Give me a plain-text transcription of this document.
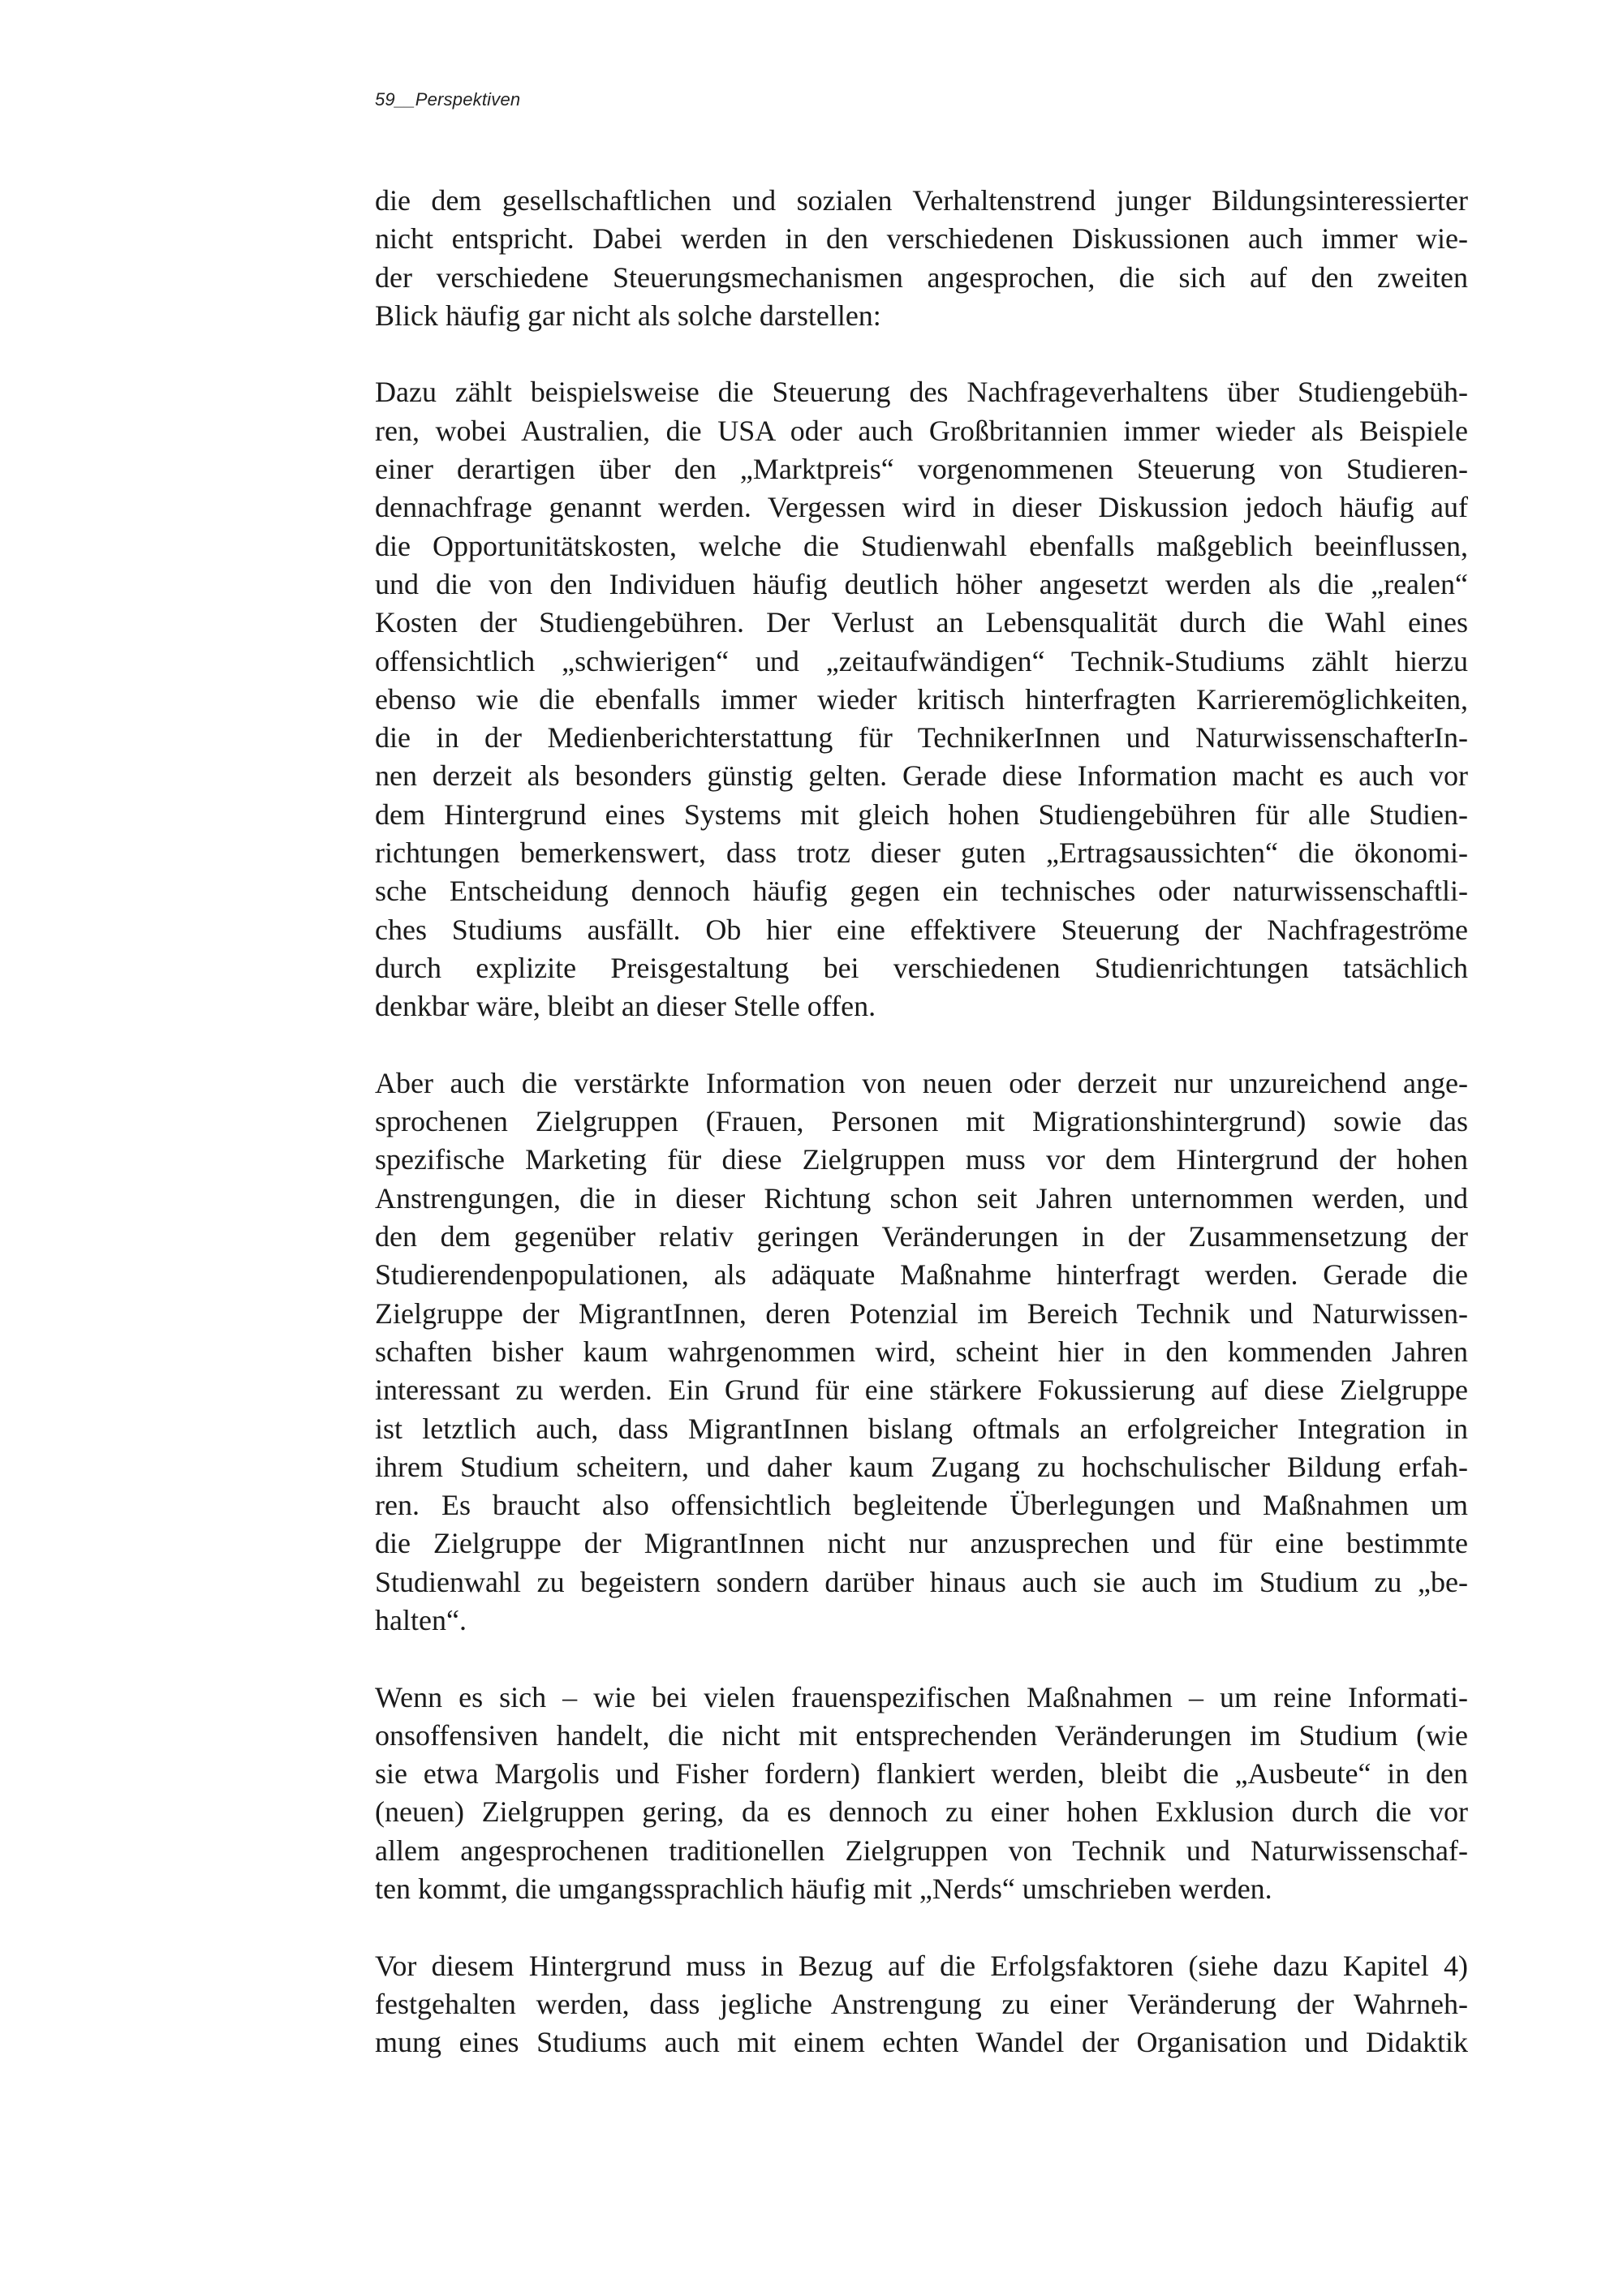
59__Perspektiven
die dem gesellschaftlichen und sozialen Verhaltenstrend junger Bildungsinteressierter
nicht entspricht. Dabei werden in den verschiedenen Diskussionen auch immer wie-
der verschiedene Steuerungsmechanismen angesprochen, die sich auf den zweiten
Blick häufig gar nicht als solche darstellen:
Dazu zählt beispielsweise die Steuerung des Nachfrageverhaltens über Studiengebüh-
ren, wobei Australien, die USA oder auch Großbritannien immer wieder als Beispiele
einer derartigen über den „Marktpreis“ vorgenommenen Steuerung von Studieren-
dennachfrage genannt werden. Vergessen wird in dieser Diskussion jedoch häufig auf
die Opportunitätskosten, welche die Studienwahl ebenfalls maßgeblich beeinflussen,
und die von den Individuen häufig deutlich höher angesetzt werden als die „realen“
Kosten der Studiengebühren. Der Verlust an Lebensqualität durch die Wahl eines
offensichtlich „schwierigen“ und „zeitaufwändigen“ Technik-Studiums zählt hierzu
ebenso wie die ebenfalls immer wieder kritisch hinterfragten Karrieremöglichkeiten,
die in der Medienberichterstattung für TechnikerInnen und NaturwissenschafterIn-
nen derzeit als besonders günstig gelten. Gerade diese Information macht es auch vor
dem Hintergrund eines Systems mit gleich hohen Studiengebühren für alle Studien-
richtungen bemerkenswert, dass trotz dieser guten „Ertragsaussichten“ die ökonomi-
sche Entscheidung dennoch häufig gegen ein technisches oder naturwissenschaftli-
ches Studiums ausfällt. Ob hier eine effektivere Steuerung der Nachfrageströme
durch explizite Preisgestaltung bei verschiedenen Studienrichtungen tatsächlich
denkbar wäre, bleibt an dieser Stelle offen.
Aber auch die verstärkte Information von neuen oder derzeit nur unzureichend ange-
sprochenen Zielgruppen (Frauen, Personen mit Migrationshintergrund) sowie das
spezifische Marketing für diese Zielgruppen muss vor dem Hintergrund der hohen
Anstrengungen, die in dieser Richtung schon seit Jahren unternommen werden, und
den dem gegenüber relativ geringen Veränderungen in der Zusammensetzung der
Studierendenpopulationen, als adäquate Maßnahme hinterfragt werden. Gerade die
Zielgruppe der MigrantInnen, deren Potenzial im Bereich Technik und Naturwissen-
schaften bisher kaum wahrgenommen wird, scheint hier in den kommenden Jahren
interessant zu werden. Ein Grund für eine stärkere Fokussierung auf diese Zielgruppe
ist letztlich auch, dass MigrantInnen bislang oftmals an erfolgreicher Integration in
ihrem Studium scheitern, und daher kaum Zugang zu hochschulischer Bildung erfah-
ren. Es braucht also offensichtlich begleitende Überlegungen und Maßnahmen um
die Zielgruppe der MigrantInnen nicht nur anzusprechen und für eine bestimmte
Studienwahl zu begeistern sondern darüber hinaus auch sie auch im Studium zu „be-
halten“.
Wenn es sich – wie bei vielen frauenspezifischen Maßnahmen – um reine Informati-
onsoffensiven handelt, die nicht mit entsprechenden Veränderungen im Studium (wie
sie etwa Margolis und Fisher fordern) flankiert werden, bleibt die „Ausbeute“ in den
(neuen) Zielgruppen gering, da es dennoch zu einer hohen Exklusion durch die vor
allem angesprochenen traditionellen Zielgruppen von Technik und Naturwissenschaf-
ten kommt, die umgangssprachlich häufig mit „Nerds“ umschrieben werden.
Vor diesem Hintergrund muss in Bezug auf die Erfolgsfaktoren (siehe dazu Kapitel 4)
festgehalten werden, dass jegliche Anstrengung zu einer Veränderung der Wahrneh-
mung eines Studiums auch mit einem echten Wandel der Organisation und Didaktik
